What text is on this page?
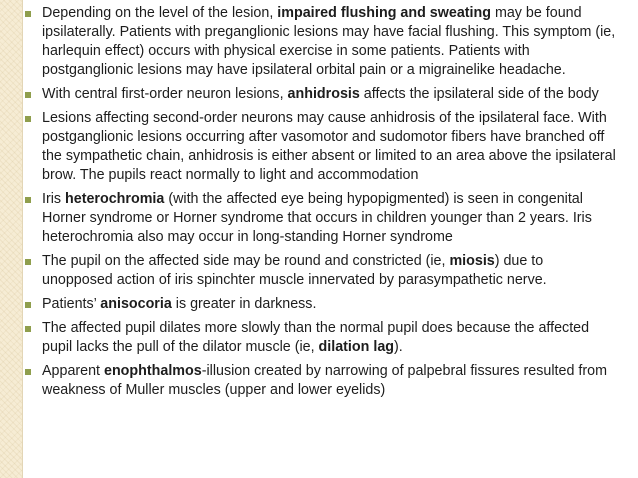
Depending on the level of the lesion, impaired flushing and sweating may be found ipsilaterally. Patients with preganglionic lesions may have facial flushing. This symptom (ie, harlequin effect) occurs with physical exercise in some patients. Patients with postganglionic lesions may have ipsilateral orbital pain or a migrainelike headache.
With central first-order neuron lesions, anhidrosis affects the ipsilateral side of the body
Lesions affecting second-order neurons may cause anhidrosis of the ipsilateral face. With postganglionic lesions occurring after vasomotor and sudomotor fibers have branched off the sympathetic chain, anhidrosis is either absent or limited to an area above the ipsilateral brow. The pupils react normally to light and accommodation
Iris heterochromia (with the affected eye being hypopigmented) is seen in congenital Horner syndrome or Horner syndrome that occurs in children younger than 2 years. Iris heterochromia also may occur in long-standing Horner syndrome
The pupil on the affected side may be round and constricted (ie, miosis) due to unopposed action of iris spinchter muscle innervated by parasympathetic nerve.
Patients’ anisocoria is greater in darkness.
The affected pupil dilates more slowly than the normal pupil does because the affected pupil lacks the pull of the dilator muscle (ie, dilation lag).
Apparent enophthalmos-illusion created by narrowing of palpebral fissures resulted from weakness of Muller muscles (upper and lower eyelids)
